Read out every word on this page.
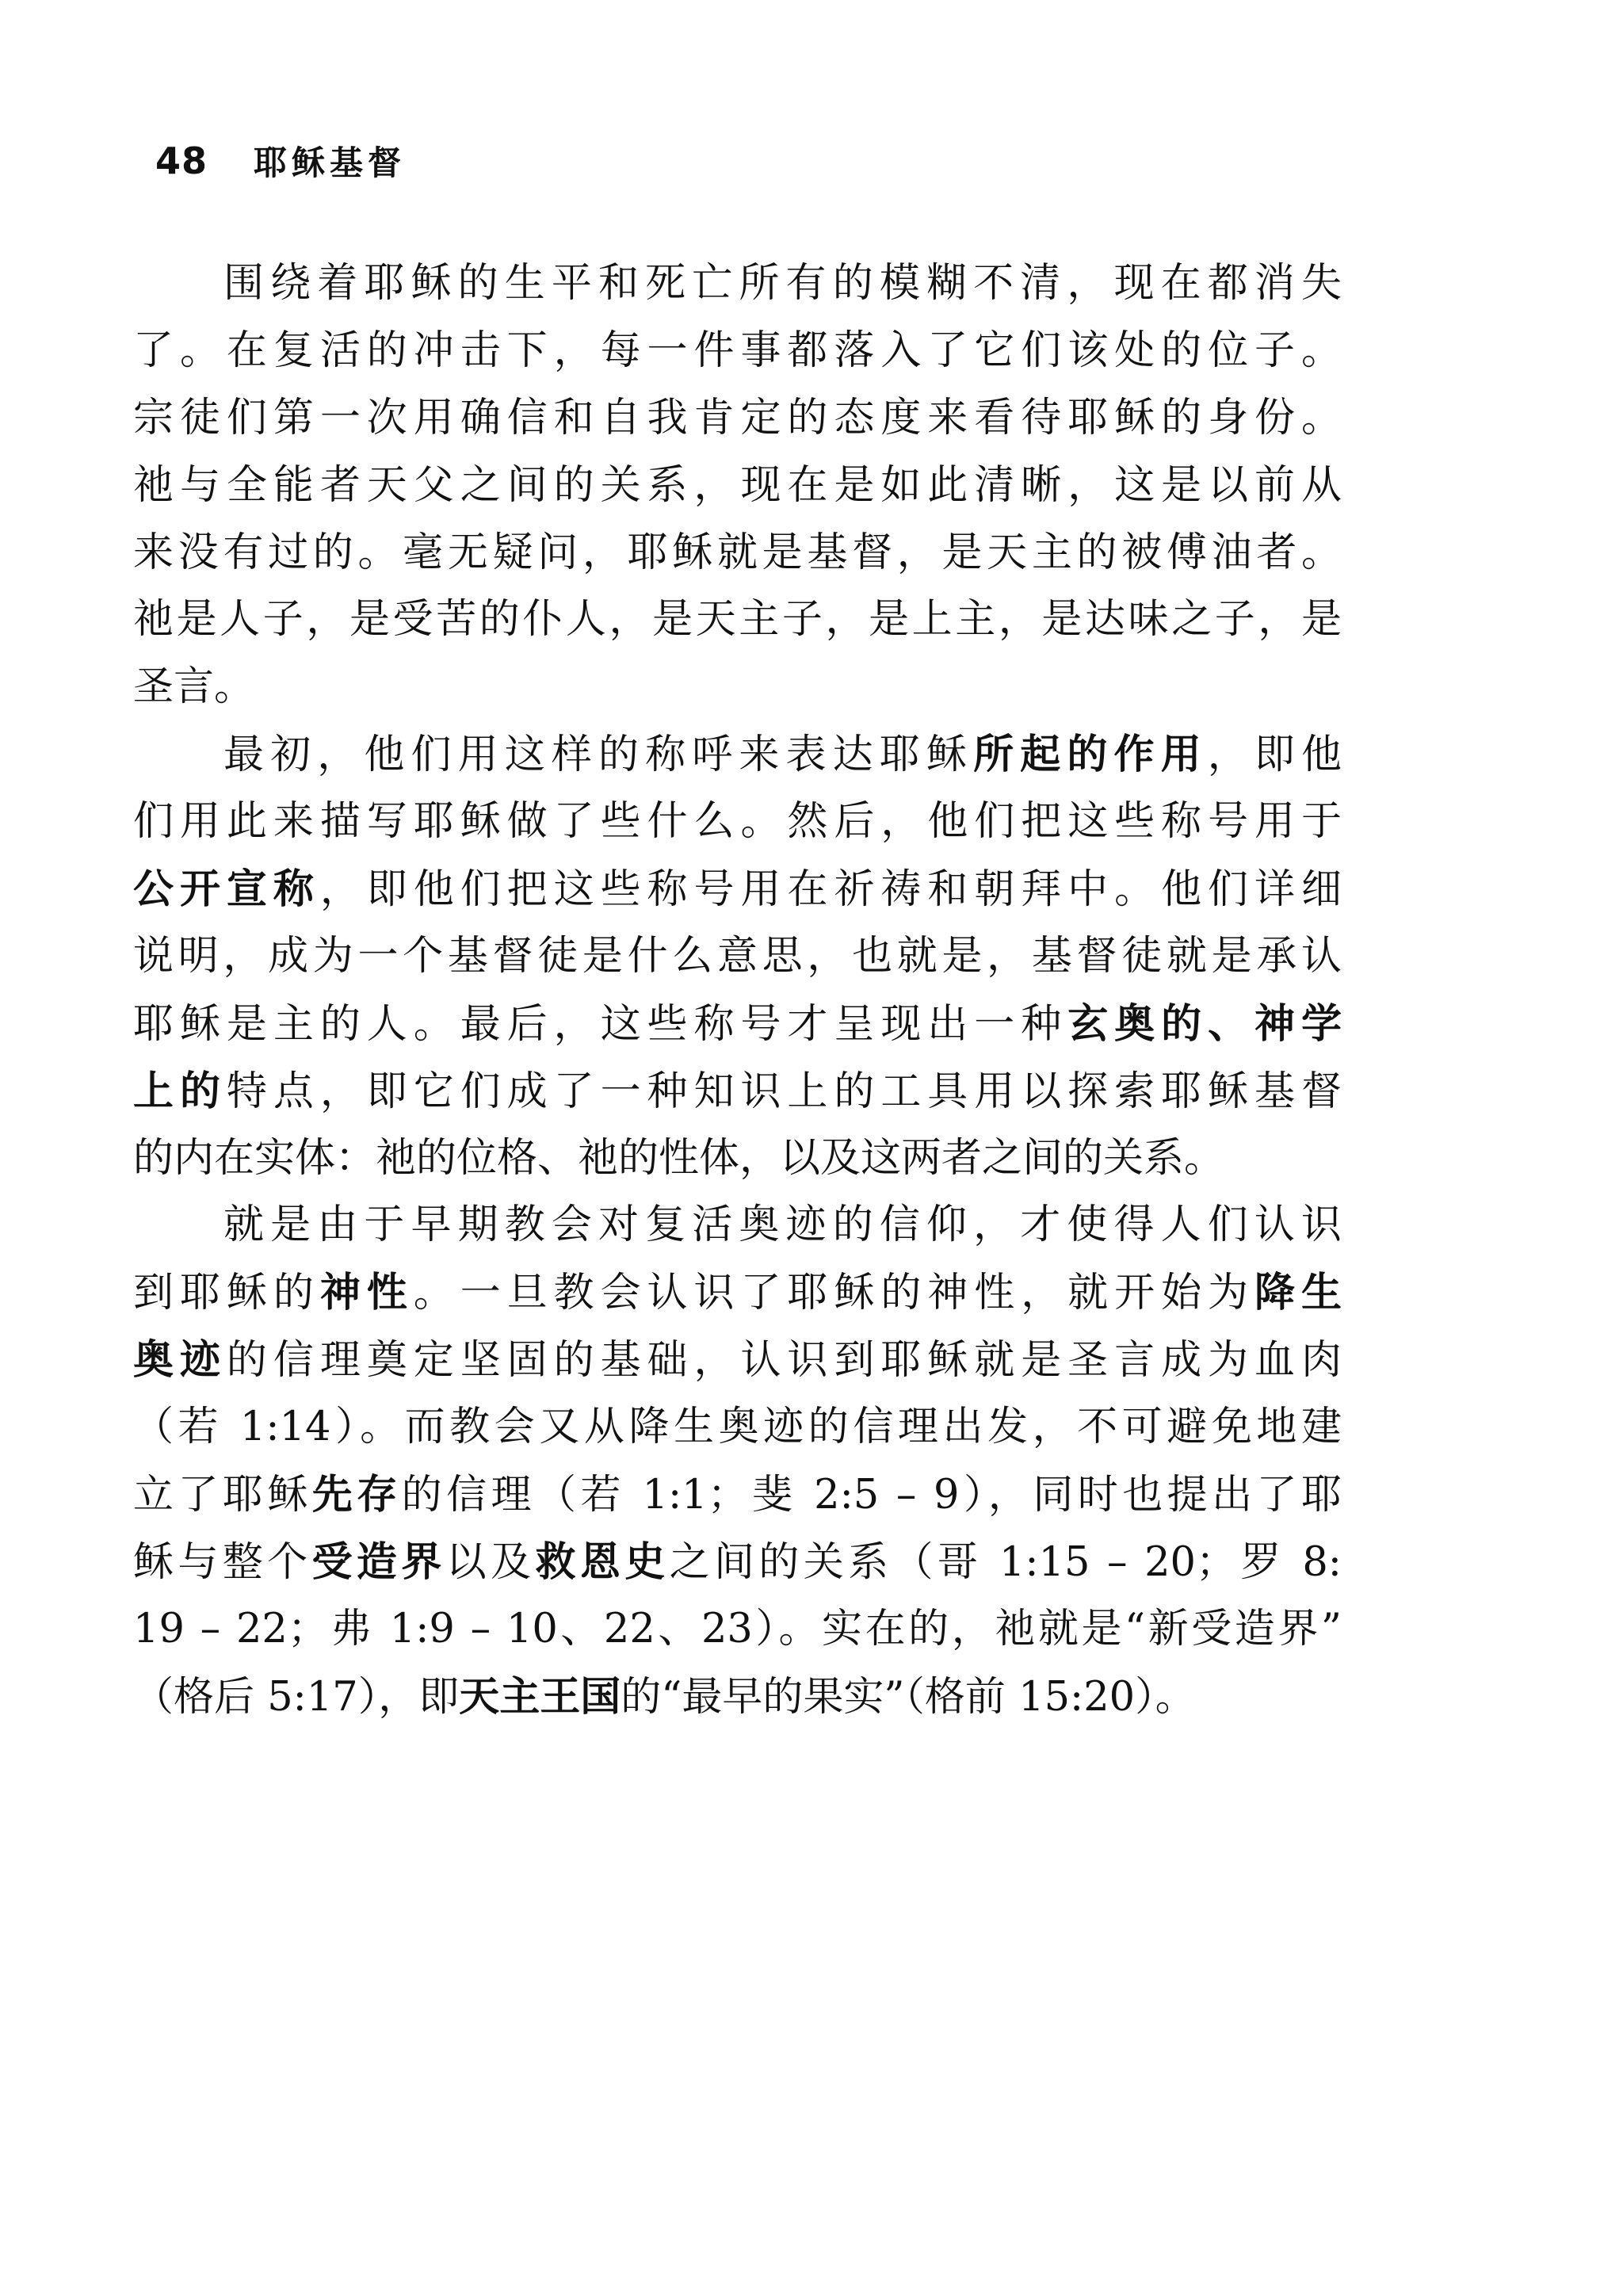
48 耶稣基督
围绕着耶稣的生平和死亡所有的模糊不清，现在都消失
了。在复活的冲击下，每一件事都落入了它们该处的位子。
宗徒们第一次用确信和自我肯定的态度来看待耶稣的身份。
祂与全能者天父之间的关系，现在是如此清晰，这是以前从
来没有过的。毫无疑问，耶稣就是基督，是天主的被傅油者。
祂是人子，是受苦的仆人，是天主子，是上主，是达味之子，是
圣言。
最初，他们用这样的称呼来表达耶稣所起的作用，即他
们用此来描写耶稣做了些什么。然后，他们把这些称号用于
公开宣称，即他们把这些称号用在祈祷和朝拜中。他们详细
说明，成为一个基督徒是什么意思，也就是，基督徒就是承认
耶稣是主的人。最后，这些称号才呈现出一种玄奥的、神学
上的特点，即它们成了一种知识上的工具用以探索耶稣基督
的内在实体：祂的位格、祂的性体，以及这两者之间的关系。
就是由于早期教会对复活奥迹的信仰，才使得人们认识
到耶稣的神性。一旦教会认识了耶稣的神性，就开始为降生
奥迹的信理奠定坚固的基础，认识到耶稣就是圣言成为血肉
（若 1:14）。而教会又从降生奥迹的信理出发，不可避免地建
立了耶稣先存的信理（若 1:1；斐 2:5 – 9），同时也提出了耶
稣与整个受造界以及救恩史之间的关系（哥 1:15 – 20；罗 8:
19 – 22；弗 1:9 – 10、22、23）。实在的，祂就是“新受造界”
（格后 5:17），即天主王国的“最早的果实”（格前 15:20）。
